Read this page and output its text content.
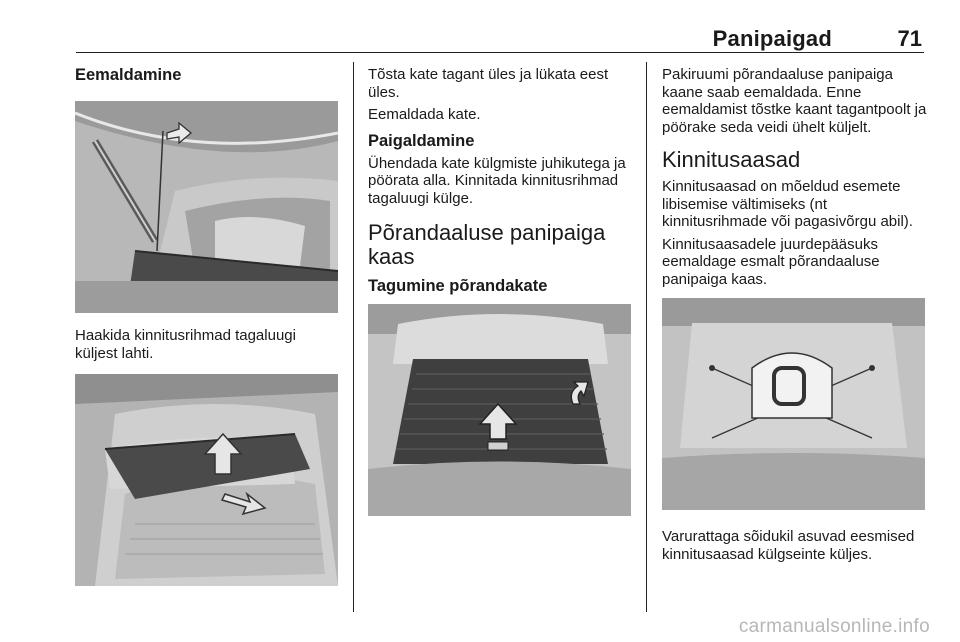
Panipaigad	71
Eemaldamine

Haakida kinnitusrihmad tagaluugi küljest lahti.

Tõsta kate tagant üles ja lükata eest üles.

Eemaldada kate.

Paigaldamine

Ühendada kate külgmiste juhikutega ja pöörata alla. Kinnitada kinnitusrihmad tagaluugi külge.

Põrandaaluse panipaiga kaas
Tagumine põrandakate

Pakiruumi põrandaaluse panipaiga kaane saab eemaldada. Enne eemaldamist tõstke kaant tagantpoolt ja pöörake seda veidi ühelt küljelt.

Kinnitusaasad

Kinnitusaasad on mõeldud esemete libisemise vältimiseks (nt kinnitusrihmade või pagasivõrgu abil).

Kinnitusaasadele juurdepääsuks eemaldage esmalt põrandaaluse panipaiga kaas.

Varurattaga sõidukil asuvad eesmised kinnitusaasad külgseinte küljes.

carmanualsonline.info
